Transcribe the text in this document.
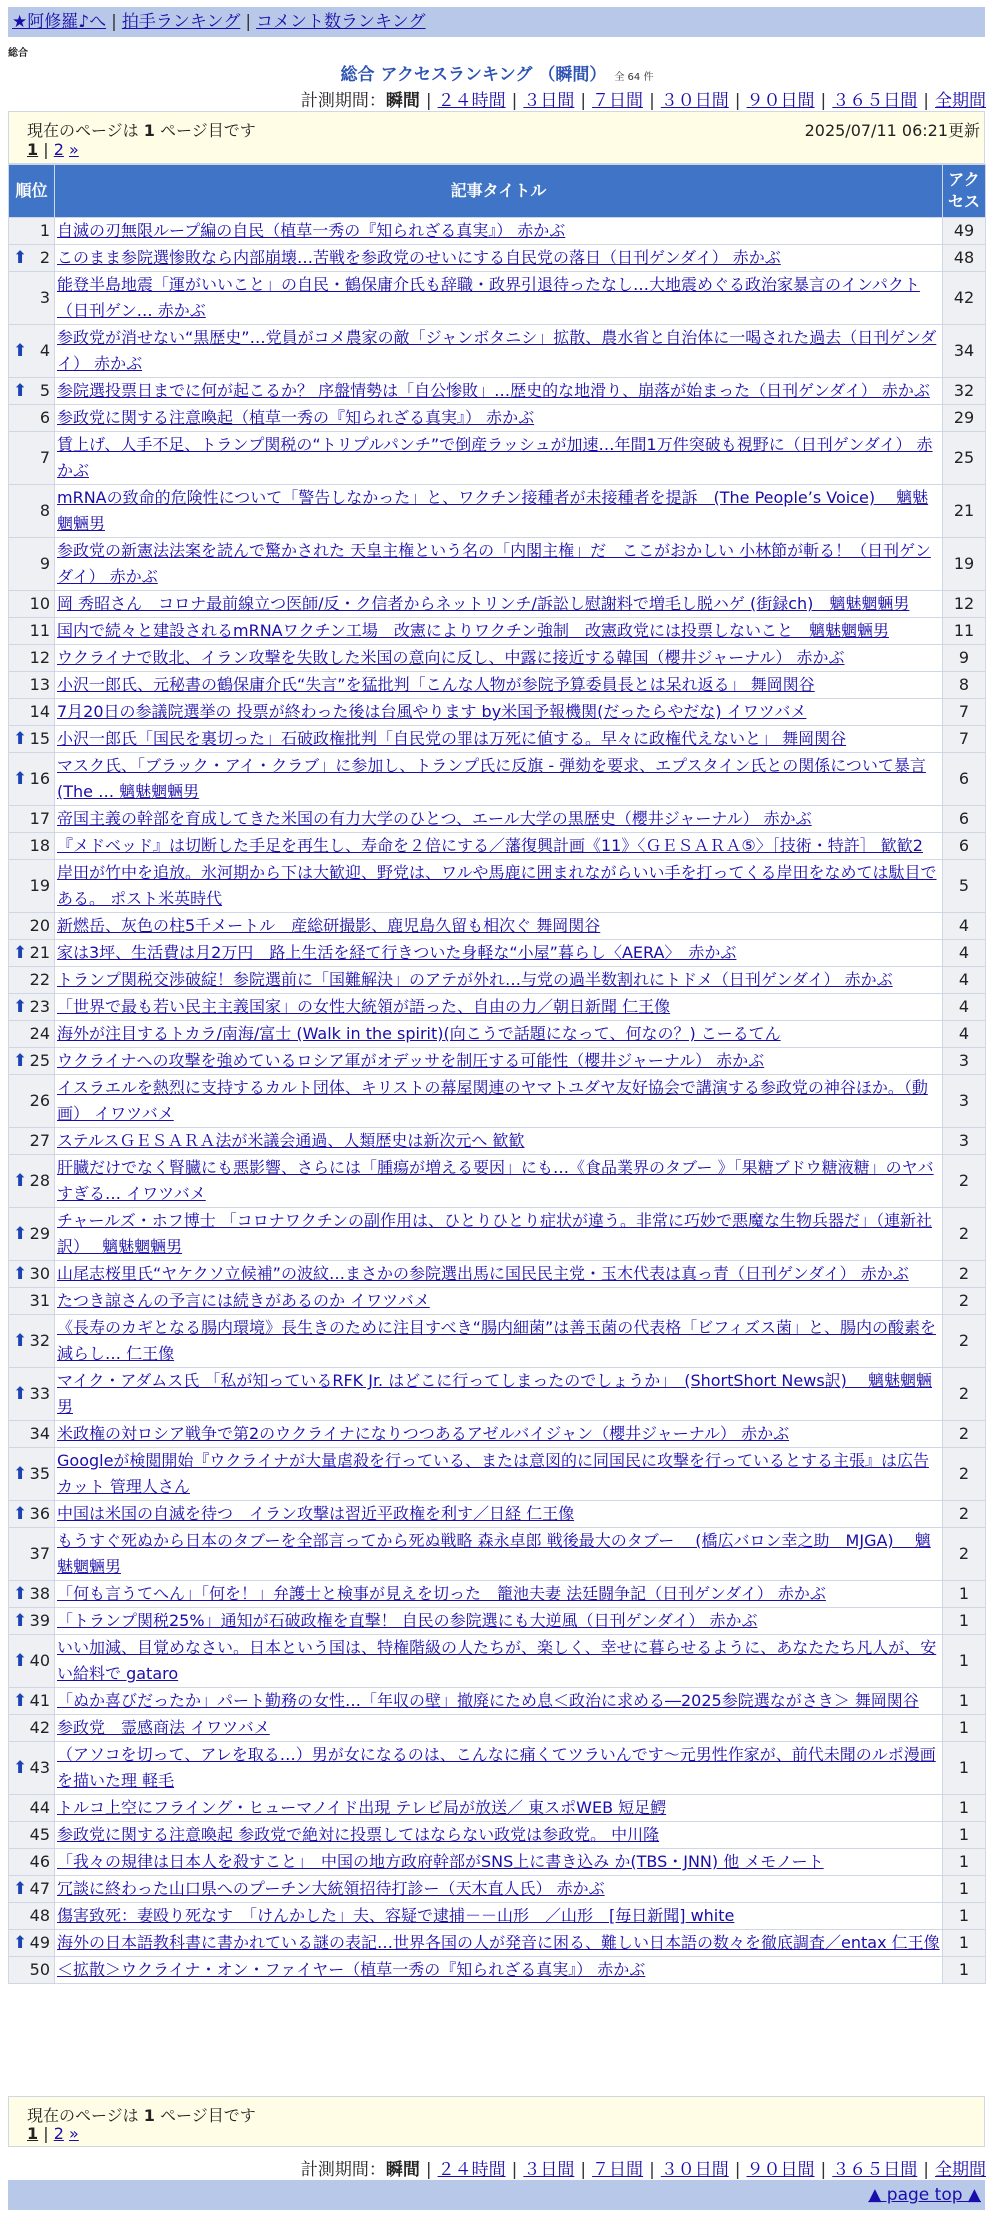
★阿修羅♪へ | 拍手ランキング | コメント数ランキング
総合
総合 アクセスランキング （瞬間） 全 64 件
計測期間：瞬間 | ２４時間 | ３日間 | ７日間 | ３０日間 | ９０日間 | ３６５日間 | 全期間
現在のページは 1 ページ目です	2025/07/11 06:21更新
1 | 2 »
順位	記事タイトル	アクセス
1	自滅の刃無限ループ編の自民（植草一秀の『知られざる真実』） 赤かぶ	49

⬆ 2	このまま参院選惨敗なら内部崩壊…苦戦を参政党のせいにする自民党の落日（日刊ゲンダイ） 赤かぶ	48
3	能登半島地震「運がいいこと」の自民・鶴保庸介氏も辞職・政界引退待ったなし…大地震めぐる政治家暴言のインパクト（日刊ゲン… 赤かぶ	42

⬆ 4	参政党が消せない“黒歴史”…党員がコメ農家の敵「ジャンボタニシ」拡散、農水省と自治体に一喝された過去（日刊ゲンダイ） 赤かぶ	34

⬆ 5	参院選投票日までに何が起こるか？ 序盤情勢は「自公惨敗」…歴史的な地滑り、崩落が始まった（日刊ゲンダイ） 赤かぶ	32
6	参政党に関する注意喚起（植草一秀の『知られざる真実』） 赤かぶ	29
7	賃上げ、人手不足、トランプ関税の“トリプルパンチ”で倒産ラッシュが加速…年間1万件突破も視野に（日刊ゲンダイ） 赤かぶ	25
8	mRNAの致命的危険性について「警告しなかった」と、ワクチン接種者が未接種者を提訴　(The People’s Voice)　 魑魅魍魎男	21
9	参政党の新憲法法案を読んで驚かされた 天皇主権という名の「内閣主権」だ　ここがおかしい 小林節が斬る！（日刊ゲンダイ） 赤かぶ	19
10	岡 秀昭さん　コロナ最前線立つ医師/反・ク信者からネットリンチ/訴訟し慰謝料で増毛し脱ハゲ (街録ch)　魑魅魍魎男	12
11	国内で続々と建設されるmRNAワクチン工場　改憲によりワクチン強制　改憲政党には投票しないこと　魑魅魍魎男	11
12	ウクライナで敗北、イラン攻撃を失敗した米国の意向に反し、中露に接近する韓国（櫻井ジャーナル） 赤かぶ	9
13	小沢一郎氏、元秘書の鶴保庸介氏“失言”を猛批判「こんな人物が参院予算委員長とは呆れ返る」 舞岡関谷	8
14	7月20日の参議院選挙の 投票が終わった後は台風やります by米国予報機関(だったらやだな) イワツバメ	7

⬆ 15	小沢一郎氏「国民を裏切った」石破政権批判「自民党の罪は万死に値する。早々に政権代えないと」 舞岡関谷	7

⬆ 16	マスク氏、「ブラック・アイ・クラブ」に参加し、トランプ氏に反旗 - 弾劾を要求、エプスタイン氏との関係について暴言 (The … 魑魅魍魎男	6
17	帝国主義の幹部を育成してきた米国の有力大学のひとつ、エール大学の黒歴史（櫻井ジャーナル） 赤かぶ	6
18	『メドベッド』は切断した手足を再生し、寿命を２倍にする／藩復興計画《11》〈ＧＥＳＡＲＡ⑤〉［技術・特許］ 歓歓2	6
19	岸田が竹中を追放。氷河期から下は大歓迎、野党は、ワルや馬鹿に囲まれながらいい手を打ってくる岸田をなめては駄目である。 ポスト米英時代	5
20	新燃岳、灰色の柱5千メートル　産総研撮影、鹿児島久留も相次ぐ 舞岡関谷	4

⬆ 21	家は3坪、生活費は月2万円　路上生活を経て行きついた身軽な“小屋”暮らし〈AERA〉　赤かぶ	4
22	トランプ関税交渉破綻！参院選前に「国難解決」のアテが外れ…与党の過半数割れにトドメ（日刊ゲンダイ） 赤かぶ	4

⬆ 23	「世界で最も若い民主主義国家」の女性大統領が語った、自由の力／朝日新聞 仁王像	4
24	海外が注目するトカラ/南海/富士 (Walk in the spirit)(向こうで話題になって、何なの？) こーるてん	4

⬆ 25	ウクライナへの攻撃を強めているロシア軍がオデッサを制圧する可能性（櫻井ジャーナル） 赤かぶ	3
26	イスラエルを熱烈に支持するカルト団体、キリストの幕屋関連のヤマトユダヤ友好協会で講演する参政党の神谷ほか。（動画） イワツバメ	3
27	ステルスＧＥＳＡＲＡ法が米議会通過、人類歴史は新次元へ 歓歓	3

⬆ 28	肝臓だけでなく腎臓にも悪影響、さらには「腫瘍が増える要因」にも…《食品業界のタブー 》「果糖ブドウ糖液糖」のヤバすぎる… イワツバメ	2

⬆ 29	チャールズ・ホフ博士 「コロナワクチンの副作用は、ひとりひとり症状が違う。非常に巧妙で悪魔な生物兵器だ」（連新社訳）　 魑魅魍魎男	2

⬆ 30	山尾志桜里氏“ヤケクソ立候補”の波紋…まさかの参院選出馬に国民民主党・玉木代表は真っ青（日刊ゲンダイ） 赤かぶ	2
31	たつき諒さんの予言には続きがあるのか イワツバメ	2

⬆ 32	《長寿のカギとなる腸内環境》長生きのために注目すべき“腸内細菌”は善玉菌の代表格「ビフィズス菌」と、腸内の酸素を減らし… 仁王像	2

⬆ 33	マイク・アダムス氏 「私が知っているRFK Jr. はどこに行ってしまったのでしょうか」　(ShortShort News訳)　 魑魅魍魎男	2
34	米政権の対ロシア戦争で第2のウクライナになりつつあるアゼルバイジャン（櫻井ジャーナル） 赤かぶ	2

⬆ 35	Googleが検閲開始『ウクライナが大量虐殺を行っている、または意図的に同国民に攻撃を行っているとする主張』は広告カット 管理人さん	2

⬆ 36	中国は米国の自滅を待つ　イラン攻撃は習近平政権を利す／日経 仁王像	2
37	もうすぐ死ぬから日本のタブーを全部言ってから死ぬ戦略 森永卓郎 戦後最大のタブー　 (橋広バロン幸之助　MJGA)　 魑魅魍魎男	2

⬆ 38	「何も言うてへん」「何を！」弁護士と検事が見えを切った　籠池夫妻 法廷闘争記（日刊ゲンダイ） 赤かぶ	1

⬆ 39	「トランプ関税25%」通知が石破政権を直撃！ 自民の参院選にも大逆風（日刊ゲンダイ） 赤かぶ	1

⬆ 40	いい加減、目覚めなさい。日本という国は、特権階級の人たちが、楽しく、幸せに暮らせるように、あなたたち凡人が、安い給料で gataro	1

⬆ 41	「ぬか喜びだったか」パート勤務の女性…「年収の壁」撤廃にため息＜政治に求める―2025参院選ながさき＞ 舞岡関谷	1
42	参政党　霊感商法 イワツバメ	1

⬆ 43	（アソコを切って、アレを取る…）男が女になるのは、こんなに痛くてツラいんです〜元男性作家が、前代未聞のルポ漫画を描いた理 軽毛	1
44	トルコ上空にフライング・ヒューマノイド出現 テレビ局が放送／ 東スポWEB 短足鰐	1
45	参政党に関する注意喚起 参政党で絶対に投票してはならない政党は参政党。 中川隆	1
46	「我々の規律は日本人を殺すこと」　中国の地方政府幹部がSNS上に書き込み か(TBS・JNN) 他 メモノート	1

⬆ 47	冗談に終わった山口県へのプーチン大統領招待打診ー（天木直人氏） 赤かぶ	1
48	傷害致死：妻殴り死なす　「けんかした」夫、容疑で逮捕－－山形　／山形　[毎日新聞] white	1

⬆ 49	海外の日本語教科書に書かれている謎の表記…世界各国の人が発音に困る、難しい日本語の数々を徹底調査／entax 仁王像	1
50	＜拡散＞ウクライナ・オン・ファイヤー（植草一秀の『知られざる真実』） 赤かぶ	1
現在のページは 1 ページ目です
1 | 2 »
計測期間：瞬間 | ２４時間 | ３日間 | ７日間 | ３０日間 | ９０日間 | ３６５日間 | 全期間
▲ page top ▲
